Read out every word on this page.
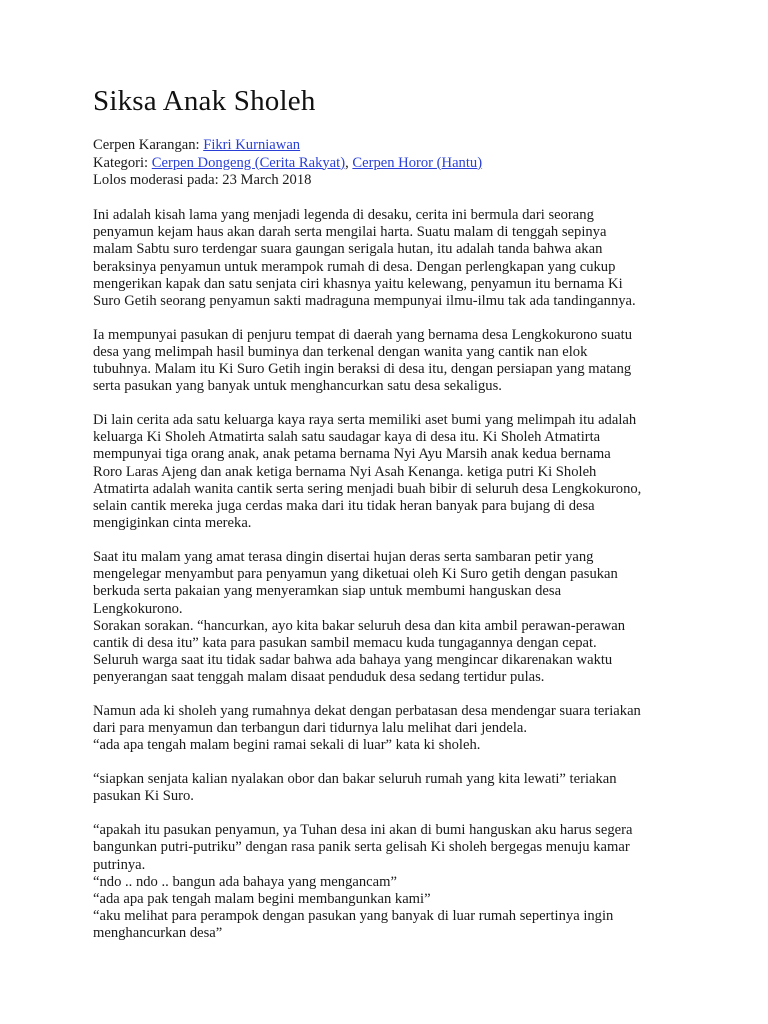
Siksa Anak Sholeh
Cerpen Karangan: Fikri Kurniawan
Kategori: Cerpen Dongeng (Cerita Rakyat), Cerpen Horor (Hantu)
Lolos moderasi pada: 23 March 2018

Ini adalah kisah lama yang menjadi legenda di desaku, cerita ini bermula dari seorang
penyamun kejam haus akan darah serta mengilai harta. Suatu malam di tenggah sepinya
malam Sabtu suro terdengar suara gaungan serigala hutan, itu adalah tanda bahwa akan
beraksinya penyamun untuk merampok rumah di desa. Dengan perlengkapan yang cukup
mengerikan kapak dan satu senjata ciri khasnya yaitu kelewang, penyamun itu bernama Ki
Suro Getih seorang penyamun sakti madraguna mempunyai ilmu-ilmu tak ada tandingannya.

Ia mempunyai pasukan di penjuru tempat di daerah yang bernama desa Lengkokurono suatu
desa yang melimpah hasil buminya dan terkenal dengan wanita yang cantik nan elok
tubuhnya. Malam itu Ki Suro Getih ingin beraksi di desa itu, dengan persiapan yang matang
serta pasukan yang banyak untuk menghancurkan satu desa sekaligus.

Di lain cerita ada satu keluarga kaya raya serta memiliki aset bumi yang melimpah itu adalah
keluarga Ki Sholeh Atmatirta salah satu saudagar kaya di desa itu. Ki Sholeh Atmatirta
mempunyai tiga orang anak, anak petama bernama Nyi Ayu Marsih anak kedua bernama
Roro Laras Ajeng dan anak ketiga bernama Nyi Asah Kenanga. ketiga putri Ki Sholeh
Atmatirta adalah wanita cantik serta sering menjadi buah bibir di seluruh desa Lengkokurono,
selain cantik mereka juga cerdas maka dari itu tidak heran banyak para bujang di desa
mengiginkan cinta mereka.

Saat itu malam yang amat terasa dingin disertai hujan deras serta sambaran petir yang
mengelegar menyambut para penyamun yang diketuai oleh Ki Suro getih dengan pasukan
berkuda serta pakaian yang menyeramkan siap untuk membumi hanguskan desa
Lengkokurono.
Sorakan sorakan. “hancurkan, ayo kita bakar seluruh desa dan kita ambil perawan-perawan
cantik di desa itu” kata para pasukan sambil memacu kuda tungagannya dengan cepat.
Seluruh warga saat itu tidak sadar bahwa ada bahaya yang mengincar dikarenakan waktu
penyerangan saat tenggah malam disaat penduduk desa sedang tertidur pulas.

Namun ada ki sholeh yang rumahnya dekat dengan perbatasan desa mendengar suara teriakan
dari para menyamun dan terbangun dari tidurnya lalu melihat dari jendela.
“ada apa tengah malam begini ramai sekali di luar” kata ki sholeh.

“siapkan senjata kalian nyalakan obor dan bakar seluruh rumah yang kita lewati” teriakan
pasukan Ki Suro.

“apakah itu pasukan penyamun, ya Tuhan desa ini akan di bumi hanguskan aku harus segera
bangunkan putri-putriku” dengan rasa panik serta gelisah Ki sholeh bergegas menuju kamar
putrinya.
“ndo .. ndo .. bangun ada bahaya yang mengancam”
“ada apa pak tengah malam begini membangunkan kami”
“aku melihat para perampok dengan pasukan yang banyak di luar rumah sepertinya ingin
menghancurkan desa”
